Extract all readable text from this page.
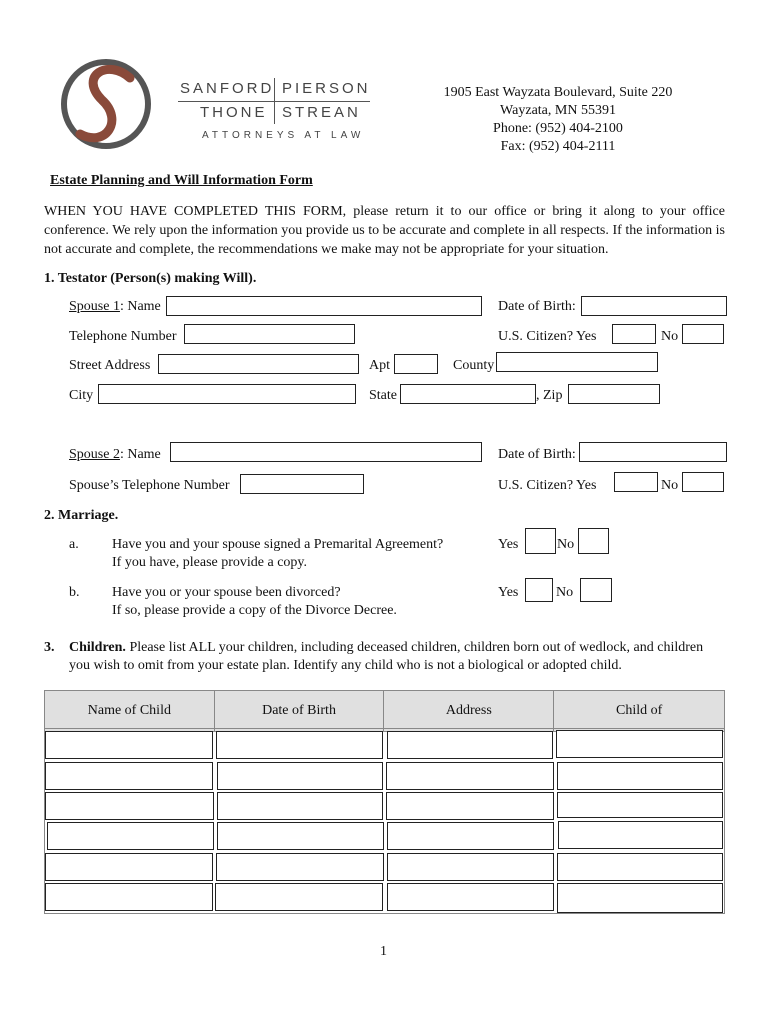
SANFORD PIERSON
THONE STREAN
ATTORNEYS AT LAW
1905 East Wayzata Boulevard, Suite 220
Wayzata, MN 55391
Phone: (952) 404-2100
Fax: (952) 404-2111
Estate Planning and Will Information Form
WHEN YOU HAVE COMPLETED THIS FORM, please return it to our office or bring it along to your office conference. We rely upon the information you provide us to be accurate and complete in all respects. If the information is not accurate and complete, the recommendations we make may not be appropriate for your situation.
1. Testator (Person(s) making Will).
Spouse 1: Name	Date of Birth:
Telephone Number	U.S. Citizen? Yes	No
Street Address	Apt	County
City	State	, Zip
Spouse 2: Name	Date of Birth:
Spouse’s Telephone Number	U.S. Citizen? Yes	No
2. Marriage.
a. Have you and your spouse signed a Premarital Agreement?
If you have, please provide a copy.
Yes	No
b. Have you or your spouse been divorced?
If so, please provide a copy of the Divorce Decree.
Yes	No
3. Children. Please list ALL your children, including deceased children, children born out of wedlock, and children you wish to omit from your estate plan. Identify any child who is not a biological or adopted child.
Name of Child	Date of Birth	Address	Child of
1
